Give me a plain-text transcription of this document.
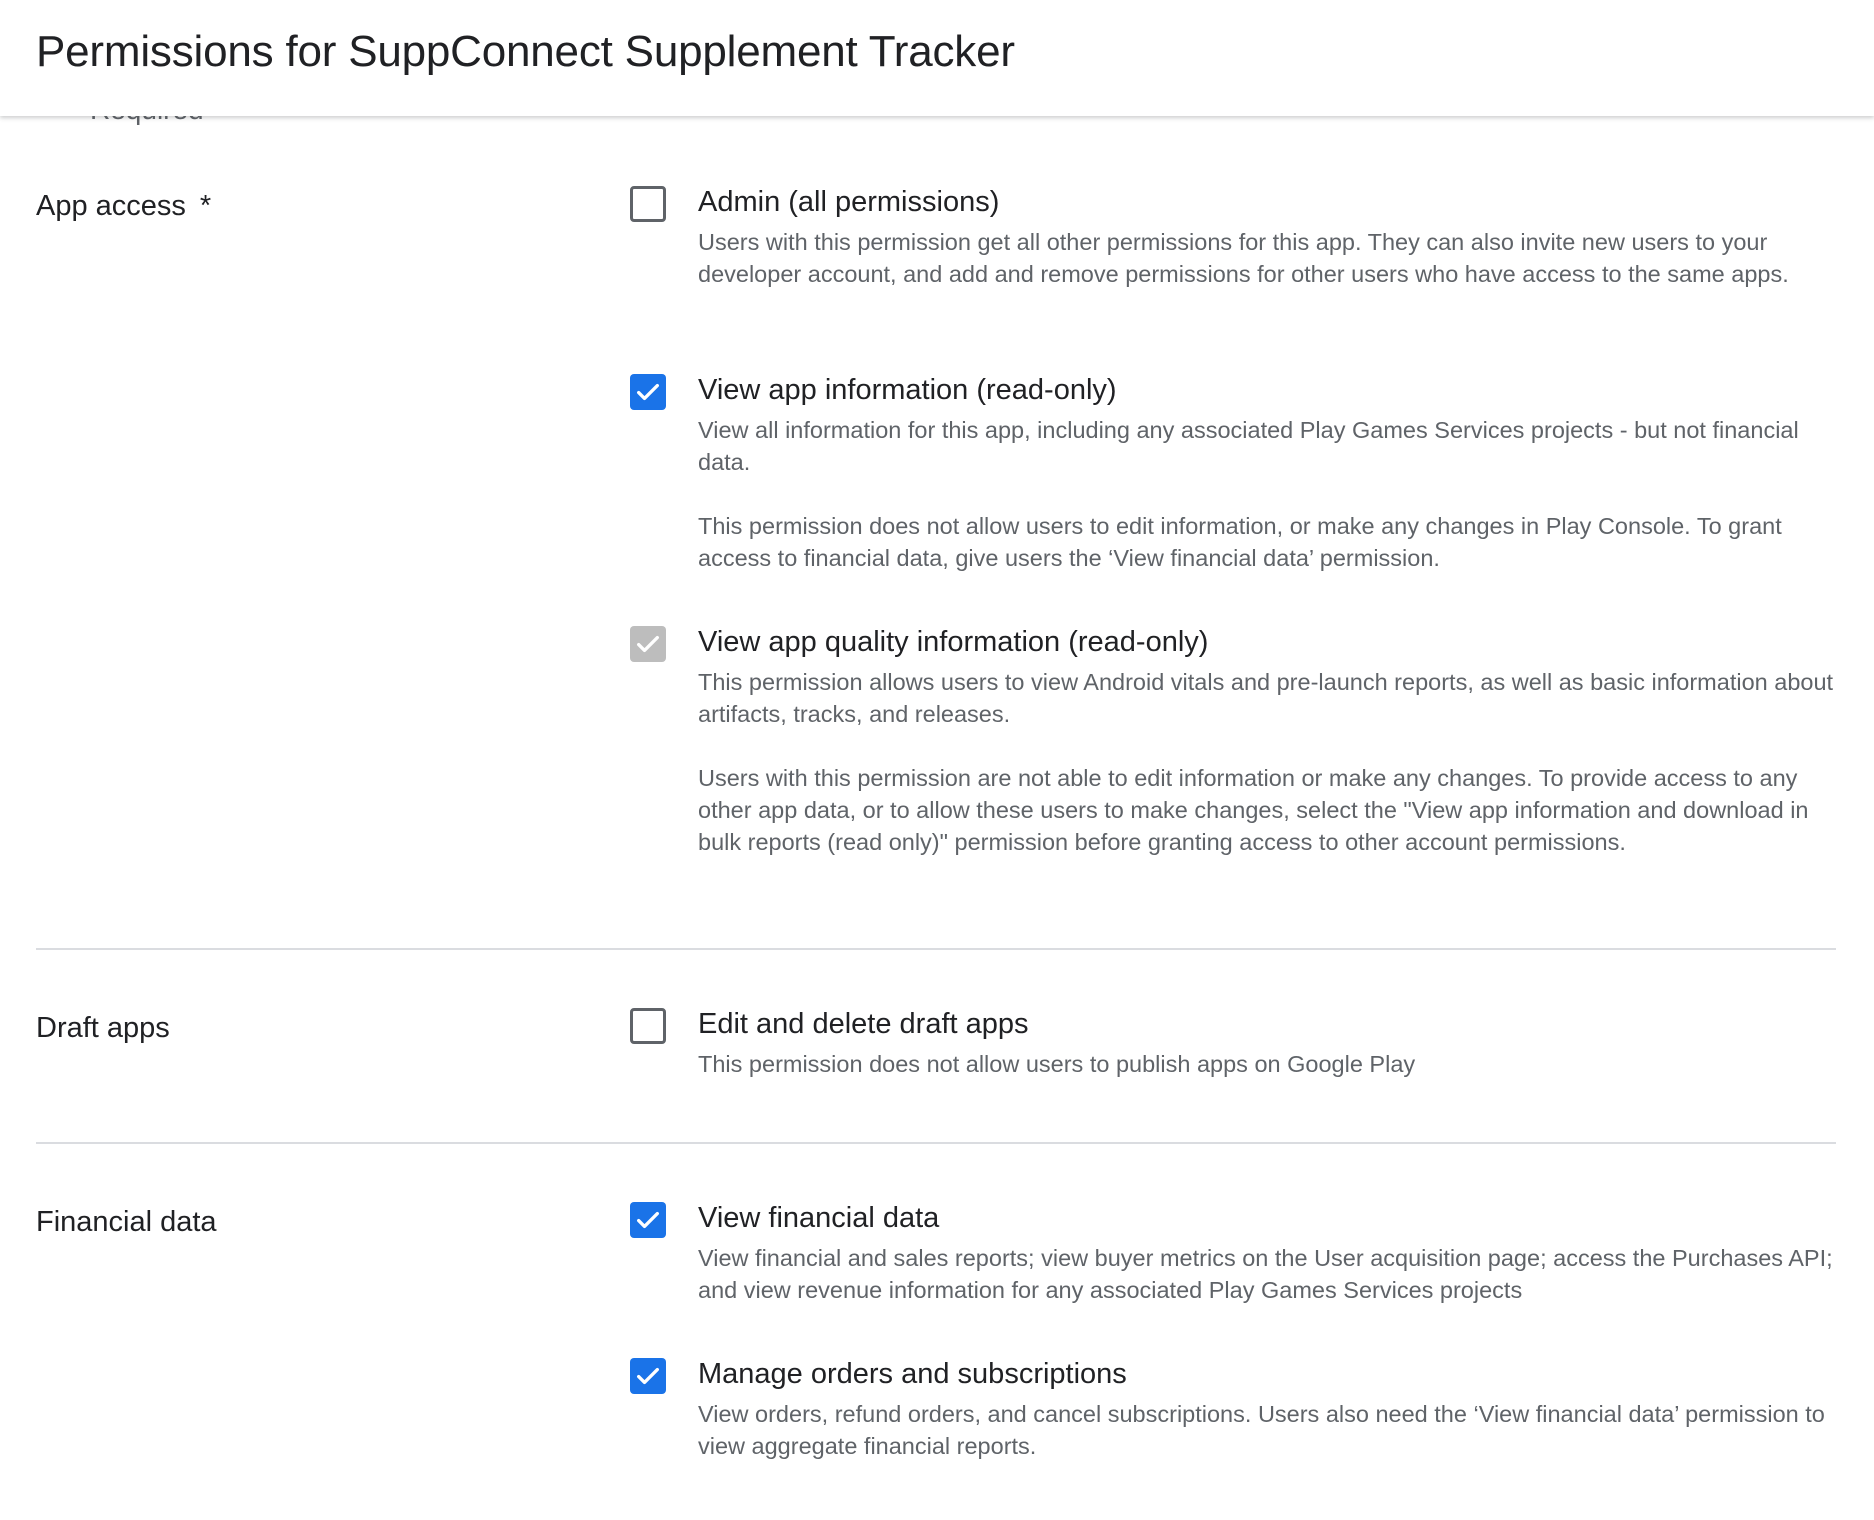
Permissions for SuppConnect Supplement Tracker
App access *	Admin (all permissions)

Users with this permission get all other permissions for this app. They can also invite new users to your developer account, and add and remove permissions for other users who have access to the same apps.

View app information (read-only)

View all information for this app, including any associated Play Games Services projects - but not financial data.

This permission does not allow users to edit information, or make any changes in Play Console. To grant access to financial data, give users the ‘View financial data’ permission.

View app quality information (read-only)

This permission allows users to view Android vitals and pre-launch reports, as well as basic information about artifacts, tracks, and releases.

Users with this permission are not able to edit information or make any changes. To provide access to any other app data, or to allow these users to make changes, select the "View app information and download in bulk reports (read only)" permission before granting access to other account permissions.

Draft apps	Edit and delete draft apps

This permission does not allow users to publish apps on Google Play

Financial data	View financial data

View financial and sales reports; view buyer metrics on the User acquisition page; access the Purchases API; and view revenue information for any associated Play Games Services projects

Manage orders and subscriptions

View orders, refund orders, and cancel subscriptions. Users also need the ‘View financial data’ permission to view aggregate financial reports.
